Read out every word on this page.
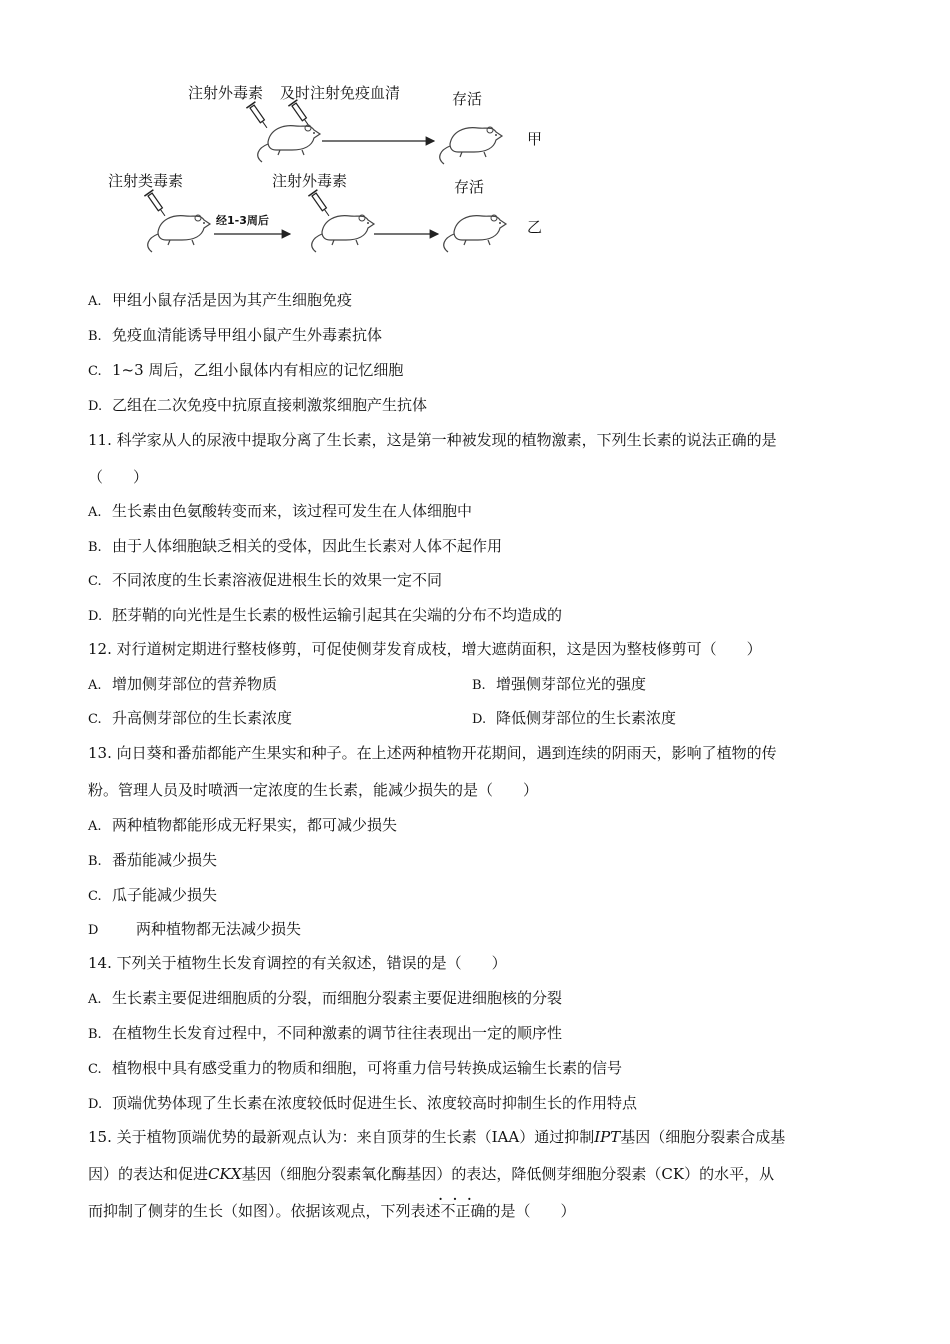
注射外毒素 及时注射免疫血清	存活
甲
注射类毒素	注射外毒素	存活
乙
经1-3周后
A. 甲组小鼠存活是因为其产生细胞免疫
B. 免疫血清能诱导甲组小鼠产生外毒素抗体
C. 1~3 周后，乙组小鼠体内有相应的记忆细胞
D. 乙组在二次免疫中抗原直接刺激浆细胞产生抗体
11. 科学家从人的尿液中提取分离了生长素，这是第一种被发现的植物激素，下列生长素的说法正确的是
（　　）
A. 生长素由色氨酸转变而来，该过程可发生在人体细胞中
B. 由于人体细胞缺乏相关的受体，因此生长素对人体不起作用
C. 不同浓度的生长素溶液促进根生长的效果一定不同
D. 胚芽鞘的向光性是生长素的极性运输引起其在尖端的分布不均造成的
12. 对行道树定期进行整枝修剪，可促使侧芽发育成枝，增大遮荫面积，这是因为整枝修剪可（　　）
A. 增加侧芽部位的营养物质	B. 增强侧芽部位光的强度
C. 升高侧芽部位的生长素浓度	D. 降低侧芽部位的生长素浓度
13. 向日葵和番茄都能产生果实和种子。在上述两种植物开花期间，遇到连续的阴雨天，影响了植物的传
粉。管理人员及时喷洒一定浓度的生长素，能减少损失的是（　　）
A. 两种植物都能形成无籽果实，都可减少损失
B. 番茄能减少损失
C. 瓜子能减少损失
D	两种植物都无法减少损失
14. 下列关于植物生长发育调控的有关叙述，错误的是（　　）
A. 生长素主要促进细胞质的分裂，而细胞分裂素主要促进细胞核的分裂
B. 在植物生长发育过程中，不同种激素的调节往往表现出一定的顺序性
C. 植物根中具有感受重力的物质和细胞，可将重力信号转换成运输生长素的信号
D. 顶端优势体现了生长素在浓度较低时促进生长、浓度较高时抑制生长的作用特点
15. 关于植物顶端优势的最新观点认为：来自顶芽的生长素（IAA）通过抑制IPT基因（细胞分裂素合成基
因）的表达和促进CKX基因（细胞分裂素氧化酶基因）的表达，降低侧芽细胞分裂素（CK）的水平，从
而抑制了侧芽的生长（如图）。依据该观点，下列表述· · · 不正确的是（　　）
